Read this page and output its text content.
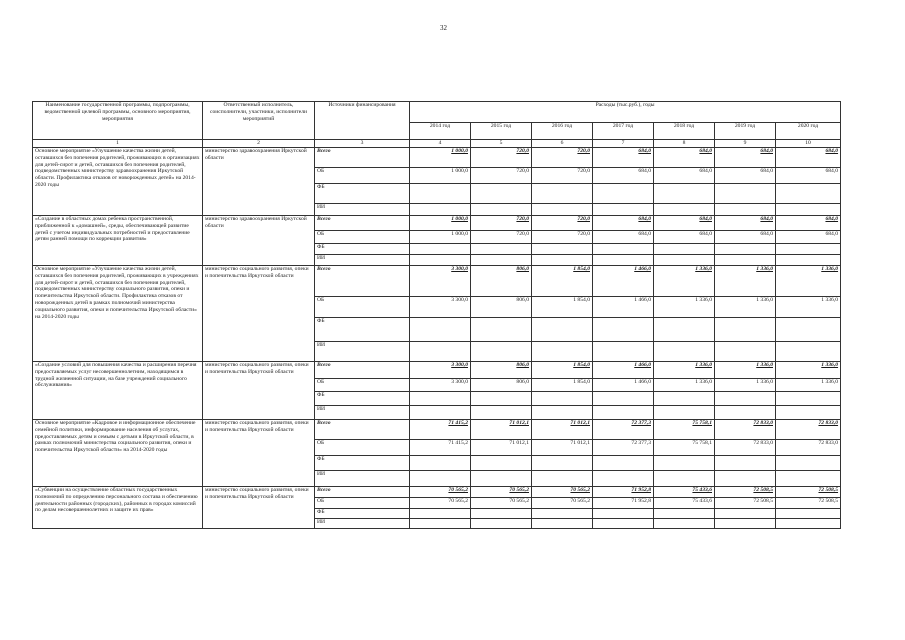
32
Наименование государственной программы, подпрограммы, ведомственной целевой программы, основного мероприятия, мероприятия	Ответственный исполнитель, соисполнители, участники, исполнители мероприятий	Источники финансирования	Расходы (тыс.руб.), годы						
			2014 год	2015 год	2016 год	2017 год	2018 год	2019 год	2020 год
1	2	3	4	5	6	7	8	9	10
Основное мероприятие «Улучшение качества жизни детей, оставшихся без попечения родителей, проживающих в организациях для детей-сирот и детей, оставшихся без попечения родителей, подведомственных министерству здравоохранения Иркутской области. Профилактика отказов от новорожденных детей» на 2014-2020 годы	министерство здравоохранения Иркутской области	Всего	1 000,0	720,0	720,0	684,0	684,0	684,0	684,0
		ОБ	1 000,0	720,0	720,0	684,0	684,0	684,0	684,0
		ФБ							
		ИИ							
«Создание в областных домах ребенка пространственной, приближенной к «домашней», среды, обеспечивающей развитие детей с учетом индивидуальных потребностей и предоставление детям ранней помощи по коррекции развития»	министерство здравоохранения Иркутской области	Всего	1 000,0	720,0	720,0	684,0	684,0	684,0	684,0
		ОБ	1 000,0	720,0	720,0	684,0	684,0	684,0	684,0
		ФБ							
		ИИ							
Основное мероприятие «Улучшение качества жизни детей, оставшихся без попечения родителей, проживающих в учреждениях для детей-сирот и детей, оставшихся без попечения родителей, подведомственных министерству социального развития, опеки и попечительства Иркутской области. Профилактика отказов от новорожденных детей в рамках полномочий министерства социального развития, опеки и попечительства Иркутской области» на 2014-2020 годы	министерство социального развития, опеки и попечительства Иркутской области	Всего	3 300,0	806,0	1 854,0	1 466,0	1 336,0	1 336,0	1 336,0
		ОБ	3 300,0	806,0	1 854,0	1 466,0	1 336,0	1 336,0	1 336,0
		ФБ							
		ИИ							
«Создание условий для повышения качества и расширения перечня предоставляемых услуг несовершеннолетним, находящимся в трудной жизненной ситуации, на базе учреждений социального обслуживания»	министерство социального развития, опеки и попечительства Иркутской области	Всего	3 300,0	806,0	1 854,0	1 466,0	1 336,0	1 336,0	1 336,0
		ОБ	3 300,0	806,0	1 854,0	1 466,0	1 336,0	1 336,0	1 336,0
		ФБ							
		ИИ							
Основное мероприятие «Кадровое и информационное обеспечение семейной политики, информирование населения об услугах, предоставляемых детям и семьям с детьми в Иркутской области, в рамках полномочий министерства социального развития, опеки и попечительства Иркутской области» на 2014-2020 годы	министерство социального развития, опеки и попечительства Иркутской области	Всего	71 415,2	71 012,1	71 012,1	72 377,3	75 758,1	72 833,0	72 833,0
		ОБ	71 415,2	71 012,1	71 012,1	72 377,3	75 758,1	72 833,0	72 833,0
		ФБ							
		ИИ							
«Субвенции на осуществление областных государственных полномочий по определению персонального состава и обеспечению деятельности районных (городских), районных в городах комиссий по делам несовершеннолетних и защите их прав»	министерство социального развития, опеки и попечительства Иркутской области	Всего	70 565,2	70 565,2	70 565,2	71 952,8	75 433,6	72 508,5	72 508,5
		ОБ	70 565,2	70 565,2	70 565,2	71 952,8	75 433,6	72 508,5	72 508,5
		ФБ							
		ИИ							
